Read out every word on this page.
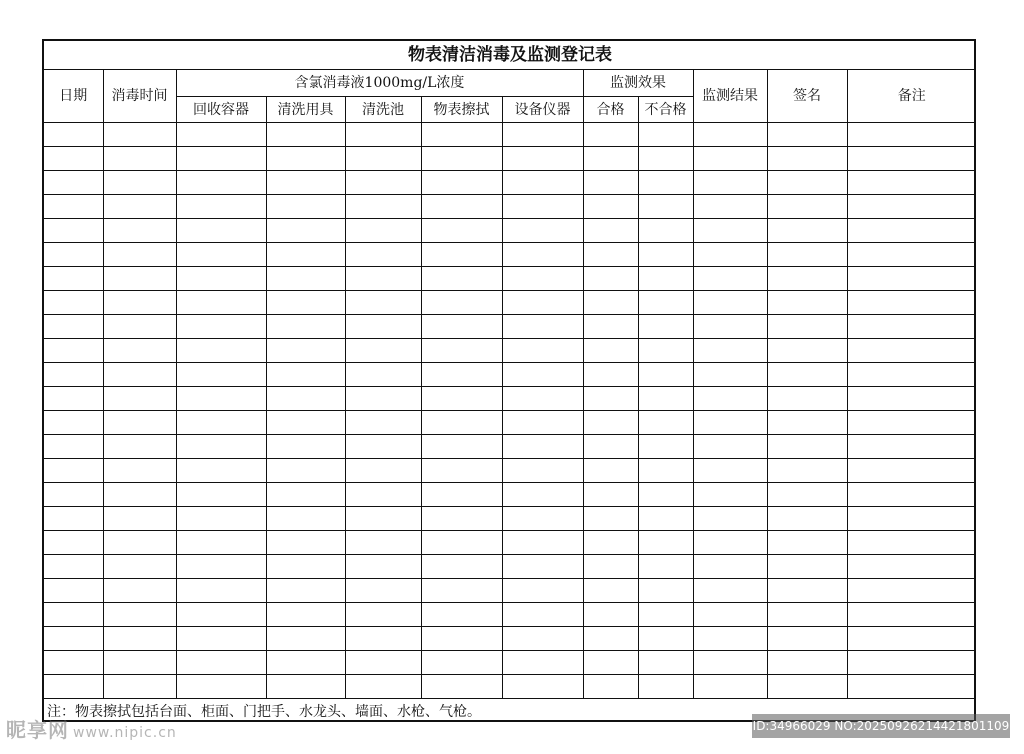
物表清洁消毒及监测登记表											
日期	消毒时间	含氯消毒液1000mg/L浓度					监测效果		监测结果	签名	备注
		回收容器	清洗用具	清洗池	物表擦拭	设备仪器	合格	不合格			

注：物表擦拭包括台面、柜面、门把手、水龙头、墙面、水枪、气枪。											
昵享网 www.nipic.cn	ID:34966029 NO:20250926214421801109
